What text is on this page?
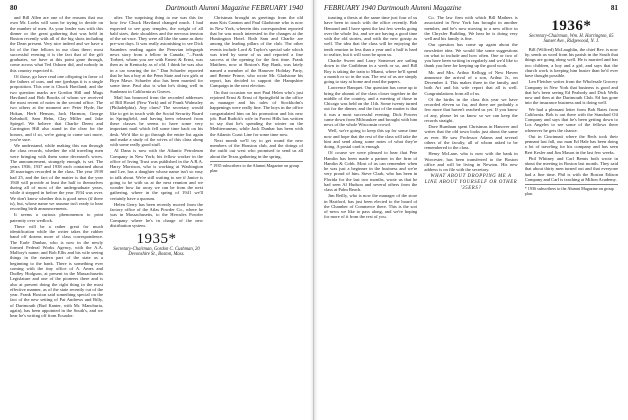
80	Dartmouth Alumni Magazine FEBRUARY 1940

and Bill Allen are one of the reasons that our own Mr. Loebs will soon be trying to decide on the number of men. As your leader was with this dinner or the great gathering that was held in Boston recently with all of the big shots including the Dean present. Very nice indeed and we have a lot of the fine fellows in our class there; most successful evening it is the fact that of the gift graduates, we have at this point gone through, come across what Ted Osborn did, and nobody in this country expected it.

Of those, go have read one offspring in favor of the fathers of ours, and one (perhaps it is a single proposition. This one is Chuck Haviland; and the two question marks are Gordon Hill and Mugs Haviland and Bob Brooks of whom we received the most recent of notes in the second office. The two others at the moment are: Peter Hyde, Ike Hokan, Herb Henson, Jack Harmon, George Kehnhoff, Sam Hehn, Clay Miller and Jake Spiegel. We believe that Charlie Deem and Carrington Hill also stand in the clear for the honors, and if so, we're going to come sort more, you're sure.

We understand, while making this run through the class records, whether the old traveling men were bringing with them some deceased's wives. The announcement, strangely enough, is set. The years 1936, 1937 and 1938 each contained about 28 marriages recorded in the class. The year 1939 had 25, and the fact of the matter is that the year 1940 will provide at least the half to themselves during all of most of the undergraduate years, while it stepped in before the year 1934 was over. We don't know whether this is good news (if there is), but, whose name we assume isn't ready to hear recording birth announcements.

It seems a curious phenomenon to print paternity over wedlock.

There will be a rather great for much identification while the writer takes the rubber band off dozens more of class correspondence. The Earle Dunbar, who is now in the newly formed Federal Works Agency, with the A.A. Mallory's name; and Bob Ellis and his wife seeing things in the eastern part of the state as a beginning to the bank. There is something ever coming with the tiny office of A. Ames and Dudley Hodgson, at present in the Massachusetts Legislature and one of the pioneers there and is also at present doing the right thing in the most effective manner, as of the state recently cut of the year. Frank Hoxton said something special on the fact of the new setting of Pat Andrews and Billy, of Dartmouth (Bud Kanter, with Mr. Manchuria, again), has been appointed in the South's, and we hear he's writing off from Ecuador.

after. The surprising thing to me was this far how few Chuck Haviland changed much. I had expected to see gray temples, the weight of all bald sizes, their shoulders and the nervous tension of the rat-race. They were all like the same as their pre-war days. It was really astonishing to see Dick Saunders reading again the Peruvian telegraph news story from a fellow in Canada; "...Frank Torbert, whom you see with Ernest & Ernst, was then as in Kentucky as of old. I think he was also in a car wearing the tie." Dan Schaefer reported that he has a boy at the Penn State and two girls at Bryn Mawr. Schaefer also has been married for some time. Paul also is what he's doing well in Sunbeam in California as Graves.

Mail has bounced from the recorded addresses of Bill Hostel (New York) and of Frank Walmsley (Philadelphia). Any clues? The secretary would like to get in touch with the Social Security Board in Springfield, and having been released from these classes he seems to have some very important mail which fell some time back on his desk. We'd like to go through the entire list again and make a study of the wives of this class along with some really good stuff.

Al Dana is now with the Atlantic Petroleum Company in New York; his fellow worker in the office of Irving Trust was published in the A.B.A. Harry Morrison, who is working at Washington and Lee, has a daughter whose name isn't so easy to talk about. We're still waiting to see if Janice is going to be with us at the next reunion and we wonder how far away we can be from the next gathering, where in the spring of 1941 we'll certainly have a quorum.

Helen Gerry has been recently moved from the factory office of the Atlas Powder Co., where he was in Massachusetts, to the Hercules Powder Company where he's in charge of the new distribution system.

1935*
Secretary-Chairman, Gordon C. Cushman, 20 Devonshire St., Boston, Mass.

Christmas brought us greetings from the old man Kris Cannon and Paul Gladstone who is now in New York, wherein this correspondent reported that he was much interested in the changes at the Huntington Hotel. Both Sam and Charlie are among the leading pillars of the club. The other events include Lord & Taylor's special sale which was tried by some of us and reported a fine success at the opening for the first time. Frank Matthew, now at Boston's Bay Bank, was lately named a member of the Hanover Holiday Party, and Bernie Prince, who wrote Mr. Gladstone his report, has decided to support the Hampshire Campaign in the next election.

On that occasion we met Paul Helen who's just rejoined Ernst & Ernst of Springfield in the office as manager and his tales of Stockholm's happenings were really fine. The boys in the office congratulated him on his promotion and his new job. Bud Rudick's wife in Forest Hills has written to say that he's spending the winter on the Mediterranean, while Jack Dunbar has been with the Atlantic Coast Line for some time now.

Next month we'll try to get round the new members of the Houston club, and the doings of the outfit out west who promised to send us all about the Texas gathering in the spring.

* 1935 subscribers to the Alumni Magazine on group plan.
FEBRUARY 1940 Dartmouth Alumni Magazine	81

toasting a thesis at the same time just four of us have been in touch with the office recently. Bob Hemond and I have spent the last few weeks going over the whole list, and we are having a good time with the old stories, and with the new gossip as well. The idea that the class will be enjoying the tenth reunion in less than a year and a half is hard to realize, but it will soon be upon us.

Charlie Sweet and Larry Somerset are sailing down to the Caribbean in a week or so, and Bill Roy is taking the train to Miami, where he'll spend a month or so in the sun. The rest of us are simply going to stay at home and read the papers.

Lawrence Banquet. Our question has come up to bring the alumni of the class closer together in the middle of the country, and a meeting of those in Chicago was held on the 11th. Some twenty turned out for the dinner, and the fact of the matter is that it was a most successful evening. Dick Powers came down from Milwaukee and brought with him news of the whole Wisconsin crowd.

Well, we're going to keep this up for some time now and hope that the rest of the class will take the hint and send along some notes of what they're doing. A postal card is enough.

Of course we were pleased to hear that Pete Hamlin has been made a partner in the firm of Hamlin & Cobb. Most of us can remember when he was just a beginner in the business and we're very proud of him. Steve Clark, who has been in Florida for the last two months, wrote us that he had seen Al Hudson and several others from the class at Palm Beach.

Jim Reilly, who is now the manager of the store in Hartford, has just been elected to the board of the Chamber of Commerce there. This is the sort of news we like to pass along, and we're hoping for more of it from the rest of you.

Co. The law firm with which Bill Mathers is associated in New York has brought in another member, and he's now moving to a new office in the Chrysler Building. We hear he is doing very well and his family is fine.

Our question has come up again about the newsletter idea. We would like some suggestions on what to include and how often. One or two of you have been writing in regularly and we'd like to thank you here for keeping up the good work.

Mr. and Mrs. Arthur Kellogg of New Haven announce the arrival of a son, Arthur Jr., on December 4. This makes three in the family, and both Art and his wife report that all is well. Congratulations from all of us.

Of the births in the class this year we have recorded eleven so far, and there are probably a few more that haven't reached us yet. If you know of any, please let us know so we can keep the records straight.

Dave Burnham spent Christmas in Hanover and writes that the old town looks just about the same as ever. He saw Professor Adams and several others of the faculty, all of whom asked to be remembered to the class.

Henry McLane, who is now with the bank in Worcester, has been transferred to the Boston office and will be living in Newton. His new address is on file with the secretary.

WHAT ABOUT DROPPING ME A LINE ABOUT YOURSELF OR OTHER '35ERS?
1936*
Secretary-Chairman, Wm. H. Harrington, 65 Sunset Ave., Ridgewood, N. J.

Bill (Wilfred) McLaughlin, the chief Rev. is now by, sends us word from his parish in the South that things are going along well. He is married and has two children, a boy and a girl, and says that the church work is keeping him busier than he'd ever have thought possible.

Len Fletcher writes from the Wholesale Grocery Company in New York that business is good and that he's been seeing Ed Peabody and Dick Wells now and then at the Dartmouth Club. Ed has gone into the insurance business and is doing well.

We had a pleasant letter from Bob Bates from California. Bob is out there with the Standard Oil Company and says that he's been getting down to Los Angeles to see some of the fellows there whenever he gets the chance.

Out in Cincinnati where the Reds took their pennant last fall, our man Ed Hale has been doing a lot of traveling for his company and has seen Bert Kesler and Jim Mason in the last few weeks.

Phil Whitney and Carl Bemis both wrote in about the meeting in Boston last month. They said that about thirty men turned out and that everyone had a fine time. Phil is with the Boston Edison Company and Carl is teaching at Milton Academy.

* 1936 subscribers to the Alumni Magazine on group plan.
